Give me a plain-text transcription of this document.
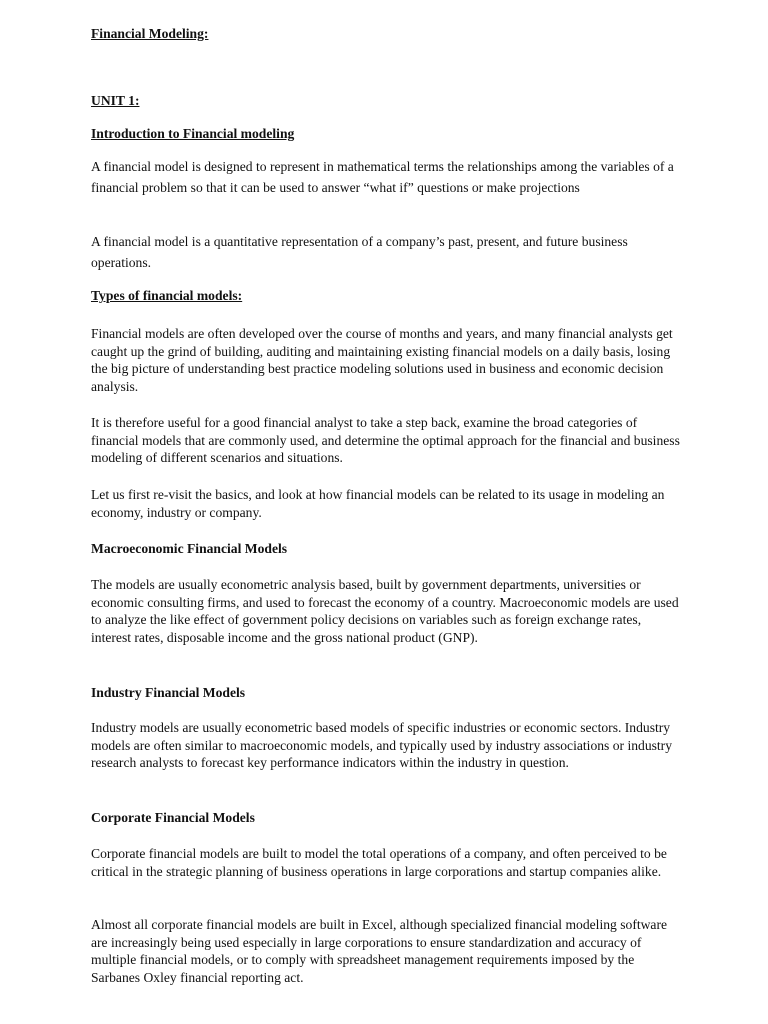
Financial Modeling:

UNIT 1:

Introduction to Financial modeling

A financial model is designed to represent in mathematical terms the relationships among the variables of a financial problem so that it can be used to answer “what if” questions or make projections

A financial model is a quantitative representation of a company’s past, present, and future business operations.

Types of financial models:

Financial models are often developed over the course of months and years, and many financial analysts get caught up the grind of building, auditing and maintaining existing financial models on a daily basis, losing the big picture of understanding best practice modeling solutions used in business and economic decision analysis.

It is therefore useful for a good financial analyst to take a step back, examine the broad categories of financial models that are commonly used, and determine the optimal approach for the financial and business modeling of different scenarios and situations.

Let us first re-visit the basics, and look at how financial models can be related to its usage in modeling an economy, industry or company.

Macroeconomic Financial Models

The models are usually econometric analysis based, built by government departments, universities or economic consulting firms, and used to forecast the economy of a country. Macroeconomic models are used to analyze the like effect of government policy decisions on variables such as foreign exchange rates, interest rates, disposable income and the gross national product (GNP).

Industry Financial Models

Industry models are usually econometric based models of specific industries or economic sectors. Industry models are often similar to macroeconomic models, and typically used by industry associations or industry research analysts to forecast key performance indicators within the industry in question.

Corporate Financial Models

Corporate financial models are built to model the total operations of a company, and often perceived to be critical in the strategic planning of business operations in large corporations and startup companies alike.

Almost all corporate financial models are built in Excel, although specialized financial modeling software are increasingly being used especially in large corporations to ensure standardization and accuracy of multiple financial models, or to comply with spreadsheet management requirements imposed by the Sarbanes Oxley financial reporting act.
